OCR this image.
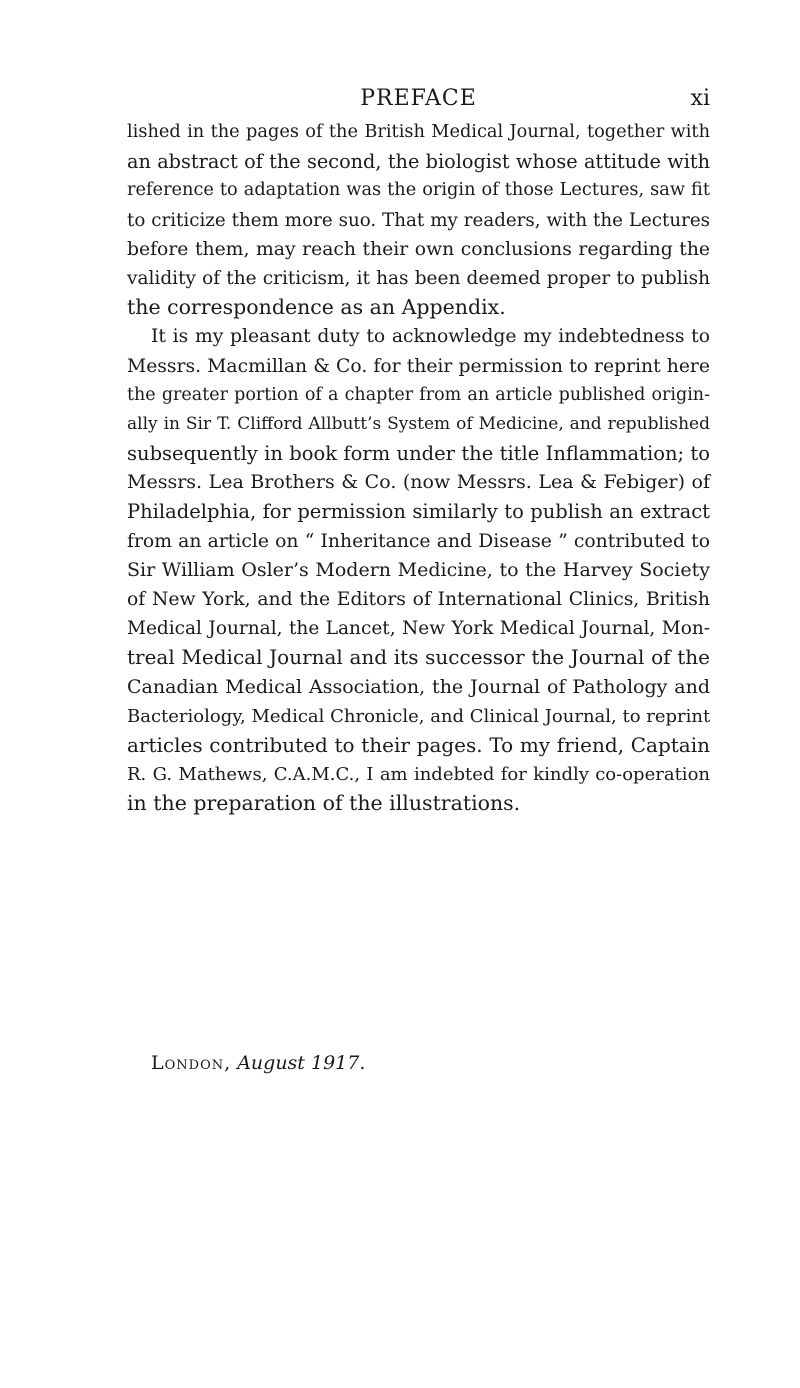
PREFACE	xi
lished in the pages of the British Medical Journal, together with
an abstract of the second, the biologist whose attitude with
reference to adaptation was the origin of those Lectures, saw fit
to criticize them more suo. That my readers, with the Lectures
before them, may reach their own conclusions regarding the
validity of the criticism, it has been deemed proper to publish
the correspondence as an Appendix.
It is my pleasant duty to acknowledge my indebtedness to
Messrs. Macmillan & Co. for their permission to reprint here
the greater portion of a chapter from an article published origin-
ally in Sir T. Clifford Allbutt’s System of Medicine, and republished
subsequently in book form under the title Inflammation; to
Messrs. Lea Brothers & Co. (now Messrs. Lea & Febiger) of
Philadelphia, for permission similarly to publish an extract
from an article on “ Inheritance and Disease ” contributed to
Sir William Osler’s Modern Medicine, to the Harvey Society
of New York, and the Editors of International Clinics, British
Medical Journal, the Lancet, New York Medical Journal, Mon-
treal Medical Journal and its successor the Journal of the
Canadian Medical Association, the Journal of Pathology and
Bacteriology, Medical Chronicle, and Clinical Journal, to reprint
articles contributed to their pages. To my friend, Captain
R. G. Mathews, C.A.M.C., I am indebted for kindly co-operation
in the preparation of the illustrations.
London, August 1917.
